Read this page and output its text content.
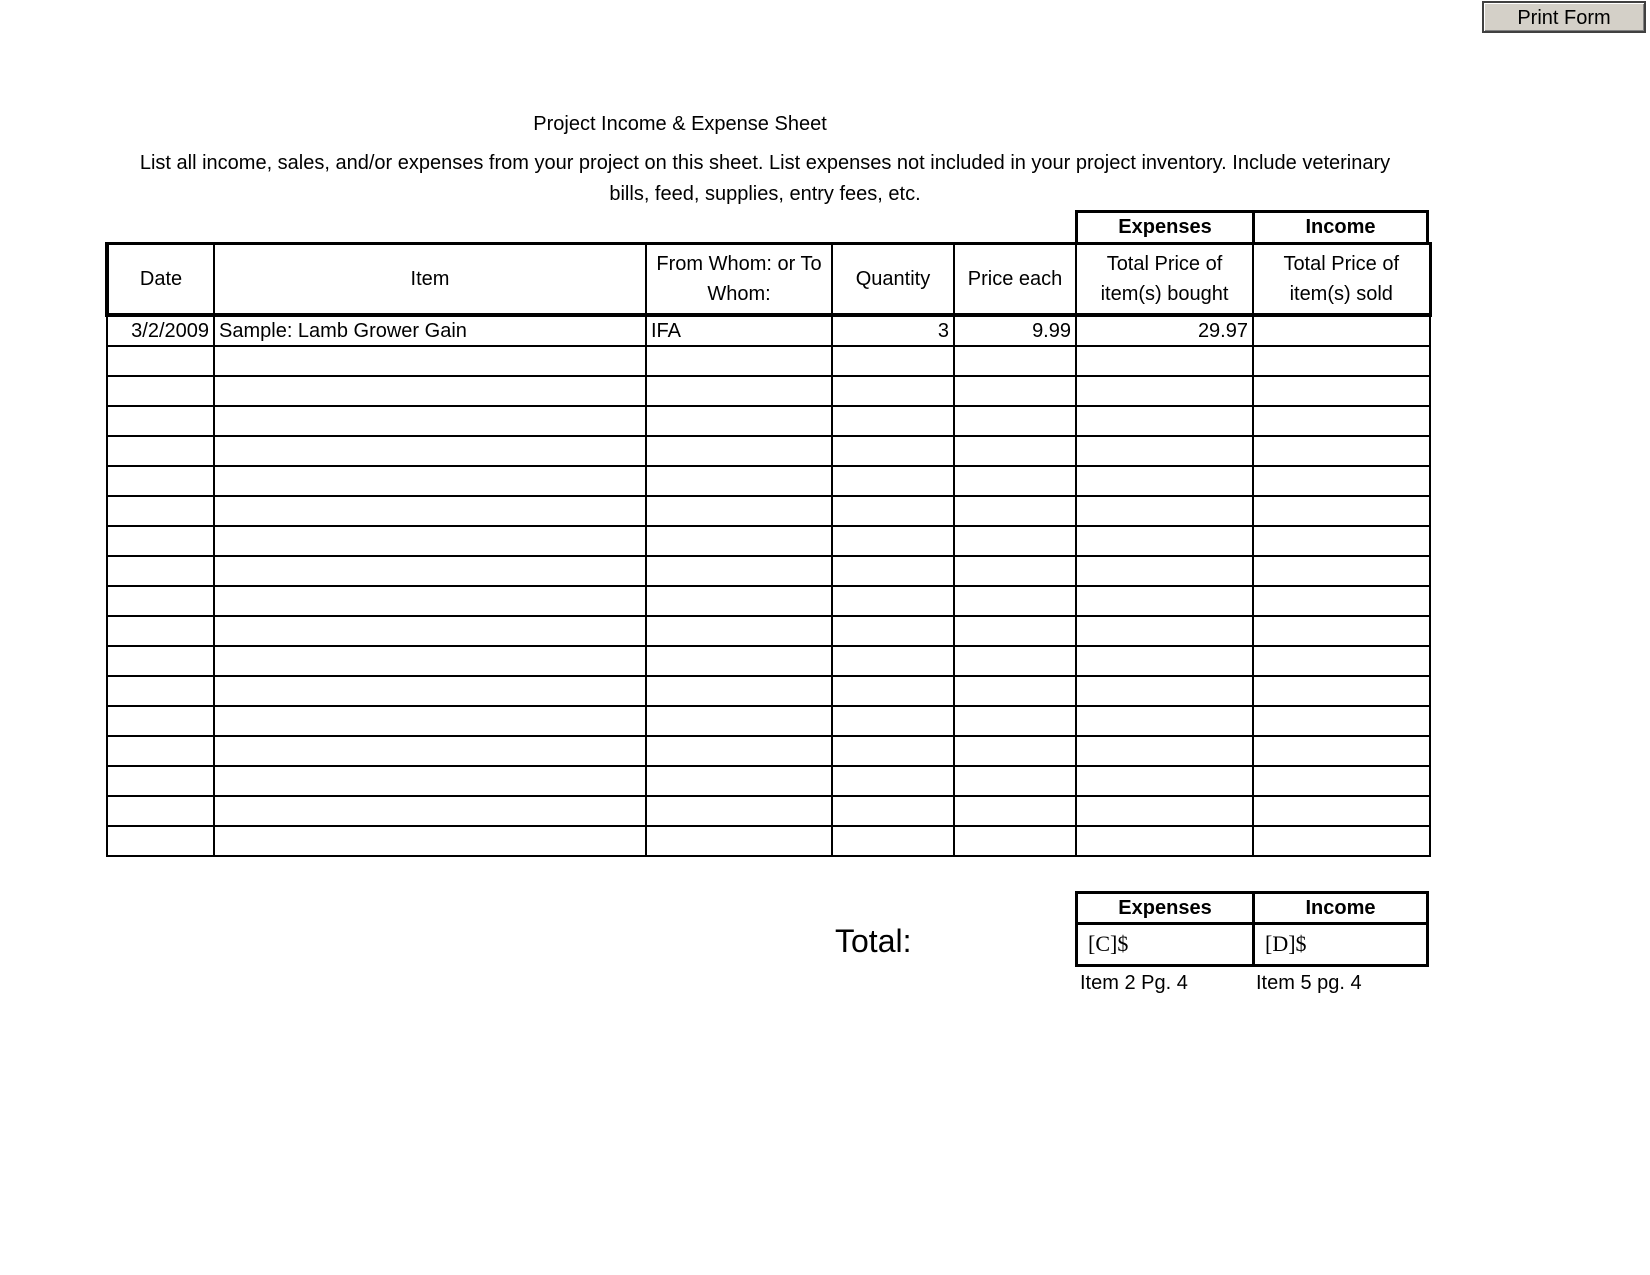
Print Form
Project Income & Expense Sheet
List all income, sales, and/or expenses from your project on this sheet. List expenses not included in your project inventory. Include veterinary bills, feed, supplies, entry fees, etc.
Expenses	Income
Date	Item	From Whom: or To Whom:	Quantity	Price each	Total Price of item(s) bought	Total Price of item(s) sold
3/2/2009	Sample: Lamb Grower Gain	IFA	3	9.99	29.97	

Total:
Expenses	Income
[C]$	[D]$
Item 2 Pg. 4	Item 5 pg. 4
